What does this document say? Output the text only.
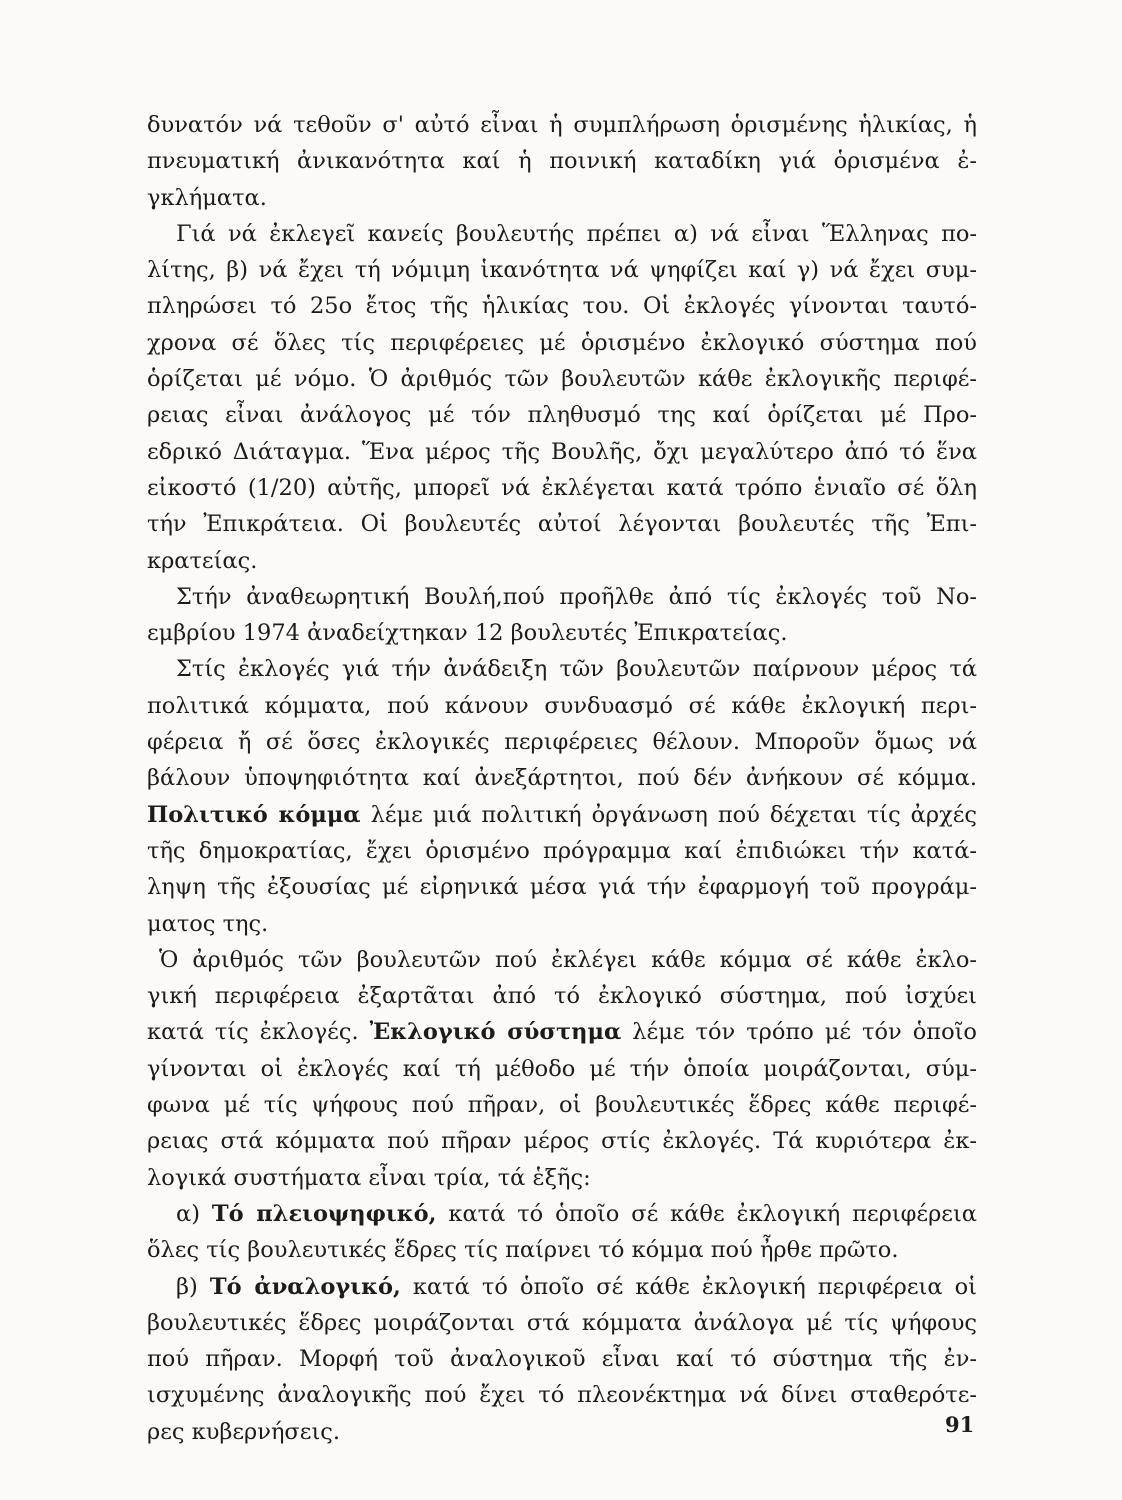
δυνατόν νά τεθοῦν σ' αὐτό εἶναι ἡ συμπλήρωση ὁρισμένης ἡλικίας, ἡ
πνευματική ἀνικανότητα καί ἡ ποινική καταδίκη γιά ὁρισμένα ἐ-
γκλήματα.
Γιά νά ἐκλεγεῖ κανείς βουλευτής πρέπει α) νά εἶναι Ἕλληνας πο-
λίτης, β) νά ἔχει τή νόμιμη ἱκανότητα νά ψηφίζει καί γ) νά ἔχει συμ-
πληρώσει τό 25ο ἔτος τῆς ἡλικίας του. Οἱ ἐκλογές γίνονται ταυτό-
χρονα σέ ὅλες τίς περιφέρειες μέ ὁρισμένο ἐκλογικό σύστημα πού
ὁρίζεται μέ νόμο. Ὁ ἀριθμός τῶν βουλευτῶν κάθε ἐκλογικῆς περιφέ-
ρειας εἶναι ἀνάλογος μέ τόν πληθυσμό της καί ὁρίζεται μέ Προ-
εδρικό Διάταγμα. Ἕνα μέρος τῆς Βουλῆς, ὄχι μεγαλύτερο ἀπό τό ἕνα
εἰκοστό (1/20) αὐτῆς, μπορεῖ νά ἐκλέγεται κατά τρόπο ἑνιαῖο σέ ὅλη
τήν Ἐπικράτεια. Οἱ βουλευτές αὐτοί λέγονται βουλευτές τῆς Ἐπι-
κρατείας.
Στήν ἀναθεωρητική Βουλή,πού προῆλθε ἀπό τίς ἐκλογές τοῦ Νο-
εμβρίου 1974 ἀναδείχτηκαν 12 βουλευτές Ἐπικρατείας.
Στίς ἐκλογές γιά τήν ἀνάδειξη τῶν βουλευτῶν παίρνουν μέρος τά
πολιτικά κόμματα, πού κάνουν συνδυασμό σέ κάθε ἐκλογική περι-
φέρεια ἤ σέ ὅσες ἐκλογικές περιφέρειες θέλουν. Μποροῦν ὅμως νά
βάλουν ὑποψηφιότητα καί ἀνεξάρτητοι, πού δέν ἀνήκουν σέ κόμμα.
Πολιτικό κόμμα λέμε μιά πολιτική ὀργάνωση πού δέχεται τίς ἀρχές
τῆς δημοκρατίας, ἔχει ὁρισμένο πρόγραμμα καί ἐπιδιώκει τήν κατά-
ληψη τῆς ἐξουσίας μέ εἰρηνικά μέσα γιά τήν ἐφαρμογή τοῦ προγράμ-
ματος της.
Ὁ ἀριθμός τῶν βουλευτῶν πού ἐκλέγει κάθε κόμμα σέ κάθε ἐκλο-
γική περιφέρεια ἐξαρτᾶται ἀπό τό ἐκλογικό σύστημα, πού ἰσχύει
κατά τίς ἐκλογές. Ἐκλογικό σύστημα λέμε τόν τρόπο μέ τόν ὁποῖο
γίνονται οἱ ἐκλογές καί τή μέθοδο μέ τήν ὁποία μοιράζονται, σύμ-
φωνα μέ τίς ψήφους πού πῆραν, οἱ βουλευτικές ἕδρες κάθε περιφέ-
ρειας στά κόμματα πού πῆραν μέρος στίς ἐκλογές. Τά κυριότερα ἐκ-
λογικά συστήματα εἶναι τρία, τά ἑξῆς:
α) Τό πλειοψηφικό, κατά τό ὁποῖο σέ κάθε ἐκλογική περιφέρεια
ὅλες τίς βουλευτικές ἕδρες τίς παίρνει τό κόμμα πού ἦρθε πρῶτο.
β) Τό ἀναλογικό, κατά τό ὁποῖο σέ κάθε ἐκλογική περιφέρεια οἱ
βουλευτικές ἕδρες μοιράζονται στά κόμματα ἀνάλογα μέ τίς ψήφους
πού πῆραν. Μορφή τοῦ ἀναλογικοῦ εἶναι καί τό σύστημα τῆς ἐν-
ισχυμένης ἀναλογικῆς πού ἔχει τό πλεονέκτημα νά δίνει σταθερότε-
ρες κυβερνήσεις.	91
